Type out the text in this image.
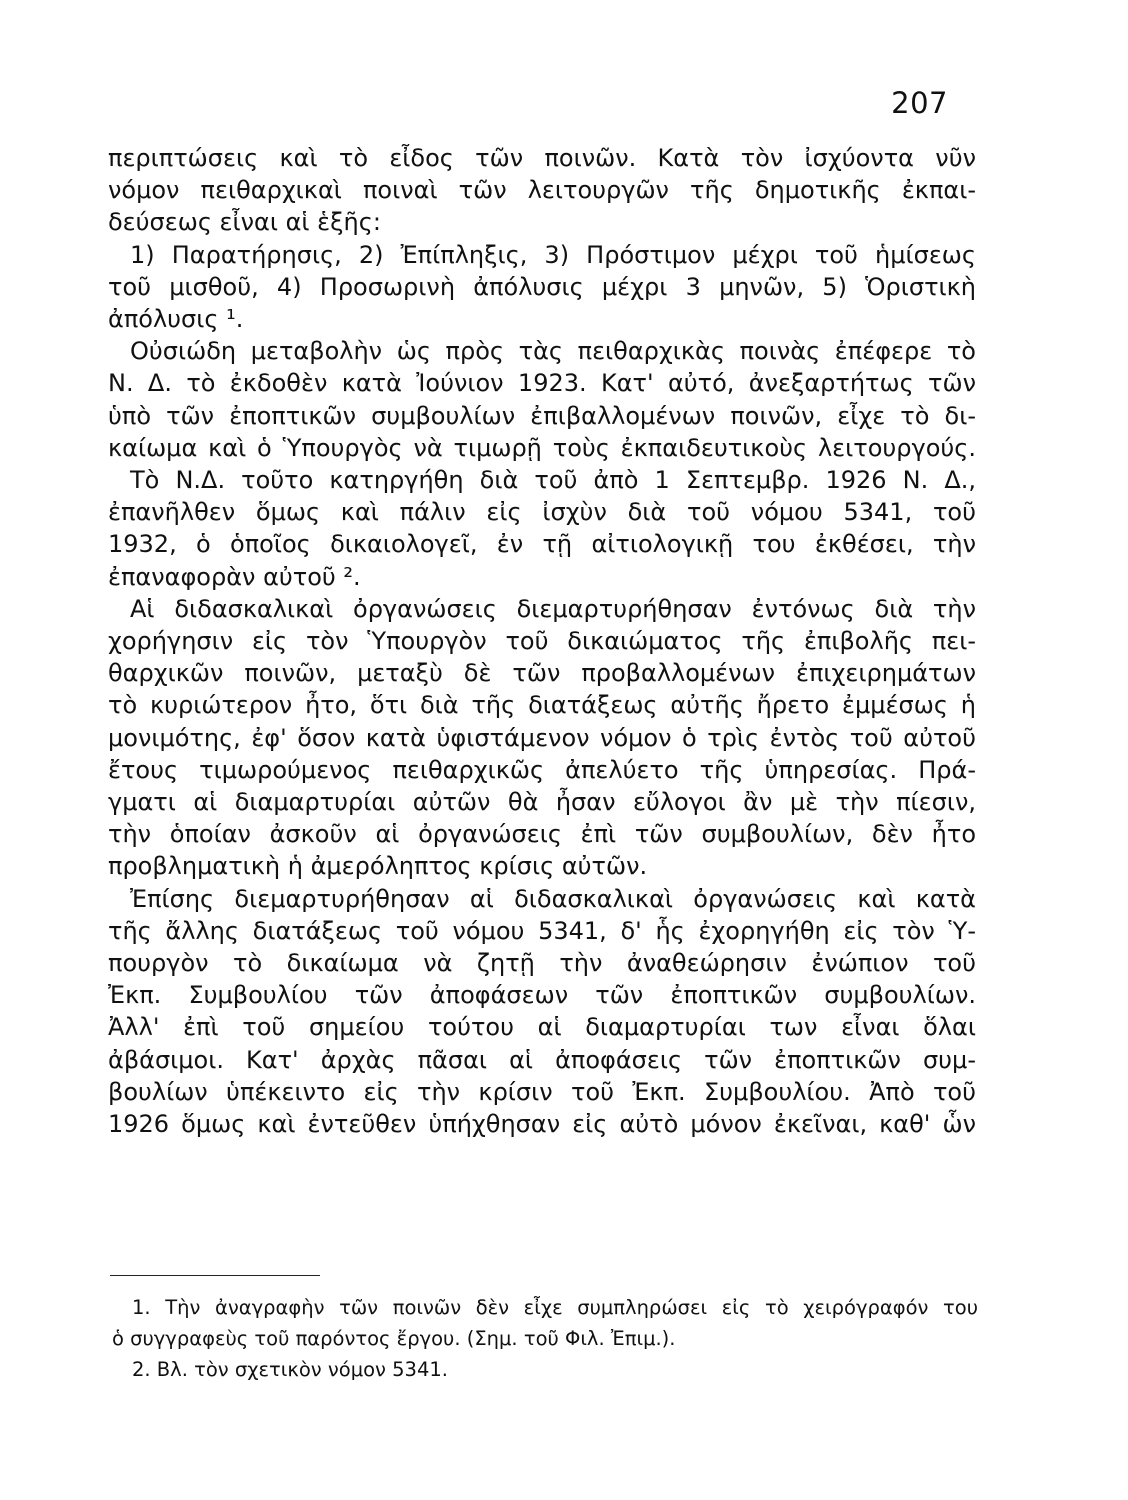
207
περιπτώσεις καὶ τὸ εἶδος τῶν ποινῶν. Κατὰ τὸν ἰσχύοντα νῦν
νόμον πειθαρχικαὶ ποιναὶ τῶν λειτουργῶν τῆς δημοτικῆς ἐκπαι-
δεύσεως εἶναι αἱ ἑξῆς:
1) Παρατήρησις, 2) Ἐπίπληξις, 3) Πρόστιμον μέχρι τοῦ ἡμίσεως
τοῦ μισθοῦ, 4) Προσωρινὴ ἀπόλυσις μέχρι 3 μηνῶν, 5) Ὁριστικὴ
ἀπόλυσις ¹.
Οὐσιώδη μεταβολὴν ὡς πρὸς τὰς πειθαρχικὰς ποινὰς ἐπέφερε τὸ
Ν. Δ. τὸ ἐκδοθὲν κατὰ Ἰούνιον 1923. Κατ' αὐτό, ἀνεξαρτήτως τῶν
ὑπὸ τῶν ἐποπτικῶν συμβουλίων ἐπιβαλλομένων ποινῶν, εἶχε τὸ δι-
καίωμα καὶ ὁ Ὑπουργὸς νὰ τιμωρῇ τοὺς ἐκπαιδευτικοὺς λειτουργούς.
Τὸ Ν.Δ. τοῦτο κατηργήθη διὰ τοῦ ἀπὸ 1 Σεπτεμβρ. 1926 Ν. Δ.,
ἐπανῆλθεν ὅμως καὶ πάλιν εἰς ἰσχὺν διὰ τοῦ νόμου 5341, τοῦ
1932, ὁ ὁποῖος δικαιολογεῖ, ἐν τῇ αἰτιολογικῇ του ἐκθέσει, τὴν
ἐπαναφορὰν αὐτοῦ ².
Αἱ διδασκαλικαὶ ὀργανώσεις διεμαρτυρήθησαν ἐντόνως διὰ τὴν
χορήγησιν εἰς τὸν Ὑπουργὸν τοῦ δικαιώματος τῆς ἐπιβολῆς πει-
θαρχικῶν ποινῶν, μεταξὺ δὲ τῶν προβαλλομένων ἐπιχειρημάτων
τὸ κυριώτερον ἦτο, ὅτι διὰ τῆς διατάξεως αὐτῆς ἤρετο ἐμμέσως ἡ
μονιμότης, ἐφ' ὅσον κατὰ ὑφιστάμενον νόμον ὁ τρὶς ἐντὸς τοῦ αὐτοῦ
ἔτους τιμωρούμενος πειθαρχικῶς ἀπελύετο τῆς ὑπηρεσίας. Πρά-
γματι αἱ διαμαρτυρίαι αὐτῶν θὰ ἦσαν εὔλογοι ἂν μὲ τὴν πίεσιν,
τὴν ὁποίαν ἀσκοῦν αἱ ὀργανώσεις ἐπὶ τῶν συμβουλίων, δὲν ἦτο
προβληματικὴ ἡ ἀμερόληπτος κρίσις αὐτῶν.
Ἐπίσης διεμαρτυρήθησαν αἱ διδασκαλικαὶ ὀργανώσεις καὶ κατὰ
τῆς ἄλλης διατάξεως τοῦ νόμου 5341, δ' ἧς ἐχορηγήθη εἰς τὸν Ὑ-
πουργὸν τὸ δικαίωμα νὰ ζητῇ τὴν ἀναθεώρησιν ἐνώπιον τοῦ
Ἐκπ. Συμβουλίου τῶν ἀποφάσεων τῶν ἐποπτικῶν συμβουλίων.
Ἀλλ' ἐπὶ τοῦ σημείου τούτου αἱ διαμαρτυρίαι των εἶναι ὅλαι
ἀβάσιμοι. Κατ' ἀρχὰς πᾶσαι αἱ ἀποφάσεις τῶν ἐποπτικῶν συμ-
βουλίων ὑπέκειντο εἰς τὴν κρίσιν τοῦ Ἐκπ. Συμβουλίου. Ἀπὸ τοῦ
1926 ὅμως καὶ ἐντεῦθεν ὑπήχθησαν εἰς αὐτὸ μόνον ἐκεῖναι, καθ' ὧν
1. Τὴν ἀναγραφὴν τῶν ποινῶν δὲν εἶχε συμπληρώσει εἰς τὸ χειρόγραφόν του
ὁ συγγραφεὺς τοῦ παρόντος ἔργου. (Σημ. τοῦ Φιλ. Ἐπιμ.).
2. Βλ. τὸν σχετικὸν νόμον 5341.
